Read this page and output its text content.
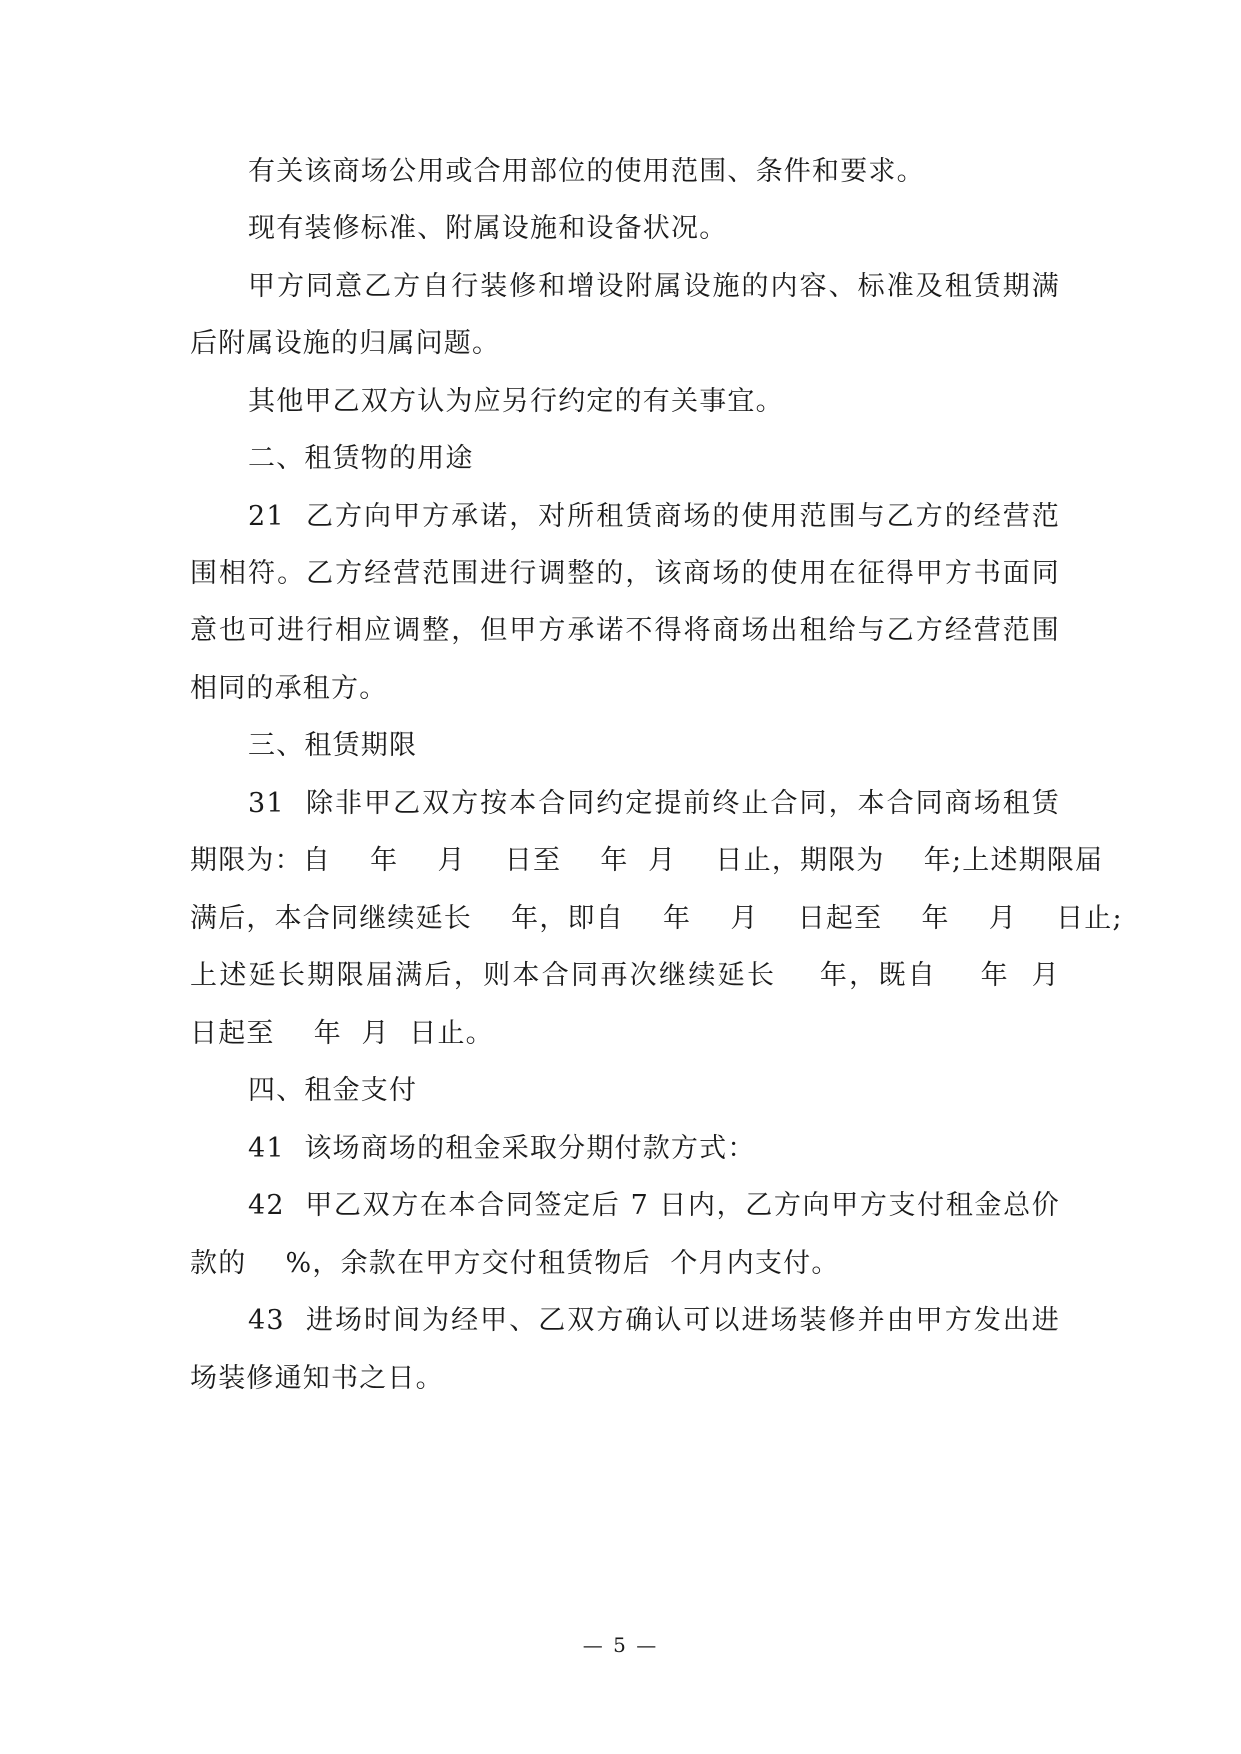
有关该商场公用或合用部位的使用范围、条件和要求。
现有装修标准、附属设施和设备状况。
甲方同意乙方自行装修和增设附属设施的内容、标准及租赁期满
后附属设施的归属问题。
其他甲乙双方认为应另行约定的有关事宜。
二、租赁物的用途
21  乙方向甲方承诺，对所租赁商场的使用范围与乙方的经营范
围相符。乙方经营范围进行调整的，该商场的使用在征得甲方书面同
意也可进行相应调整，但甲方承诺不得将商场出租给与乙方经营范围
相同的承租方。
三、租赁期限
31  除非甲乙双方按本合同约定提前终止合同，本合同商场租赁
期限为：自    年    月    日至    年  月    日止，期限为    年;上述期限届
满后，本合同继续延长    年，即自    年    月    日起至    年    月    日止;
上述延长期限届满后，则本合同再次继续延长    年，既自    年  月
日起至    年  月  日止。
四、租金支付
41  该场商场的租金采取分期付款方式：
42  甲乙双方在本合同签定后 7 日内，乙方向甲方支付租金总价
款的    %，余款在甲方交付租赁物后  个月内支付。
43  进场时间为经甲、乙双方确认可以进场装修并由甲方发出进
场装修通知书之日。
— 5 —
